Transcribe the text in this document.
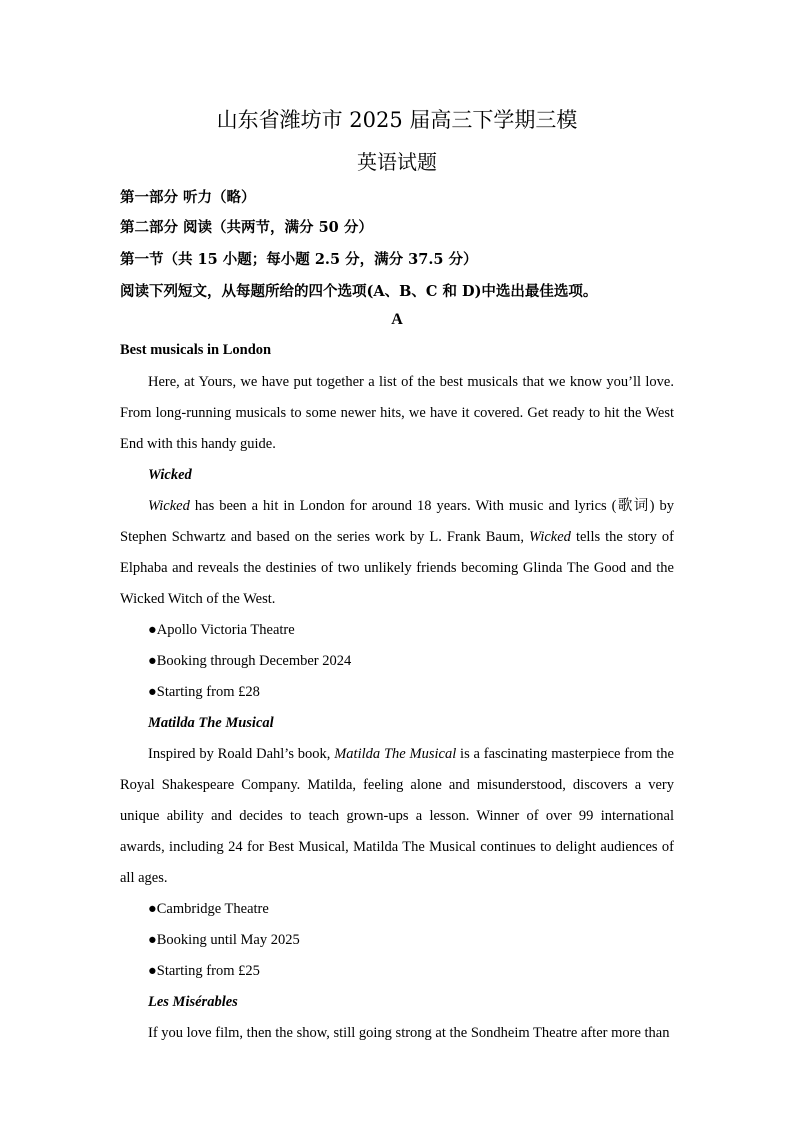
山东省潍坊市 2025 届高三下学期三模
英语试题
第一部分 听力（略）
第二部分 阅读（共两节，满分 50 分）
第一节（共 15 小题；每小题 2.5 分，满分 37.5 分）
阅读下列短文，从每题所给的四个选项(A、B、C 和 D)中选出最佳选项。
A
Best musicals in London

Here, at Yours, we have put together a list of the best musicals that we know you’ll love. From long-running musicals to some newer hits, we have it covered. Get ready to hit the West End with this handy guide.

Wicked

Wicked has been a hit in London for around 18 years. With music and lyrics (歌词) by Stephen Schwartz and based on the series work by L. Frank Baum, Wicked tells the story of Elphaba and reveals the destinies of two unlikely friends becoming Glinda The Good and the Wicked Witch of the West.

●Apollo Victoria Theatre

●Booking through December 2024

●Starting from £28

Matilda The Musical

Inspired by Roald Dahl’s book, Matilda The Musical is a fascinating masterpiece from the Royal Shakespeare Company. Matilda, feeling alone and misunderstood, discovers a very unique ability and decides to teach grown-ups a lesson. Winner of over 99 international awards, including 24 for Best Musical, Matilda The Musical continues to delight audiences of all ages.

●Cambridge Theatre

●Booking until May 2025

●Starting from £25

Les Misérables

If you love film, then the show, still going strong at the Sondheim Theatre after more than
